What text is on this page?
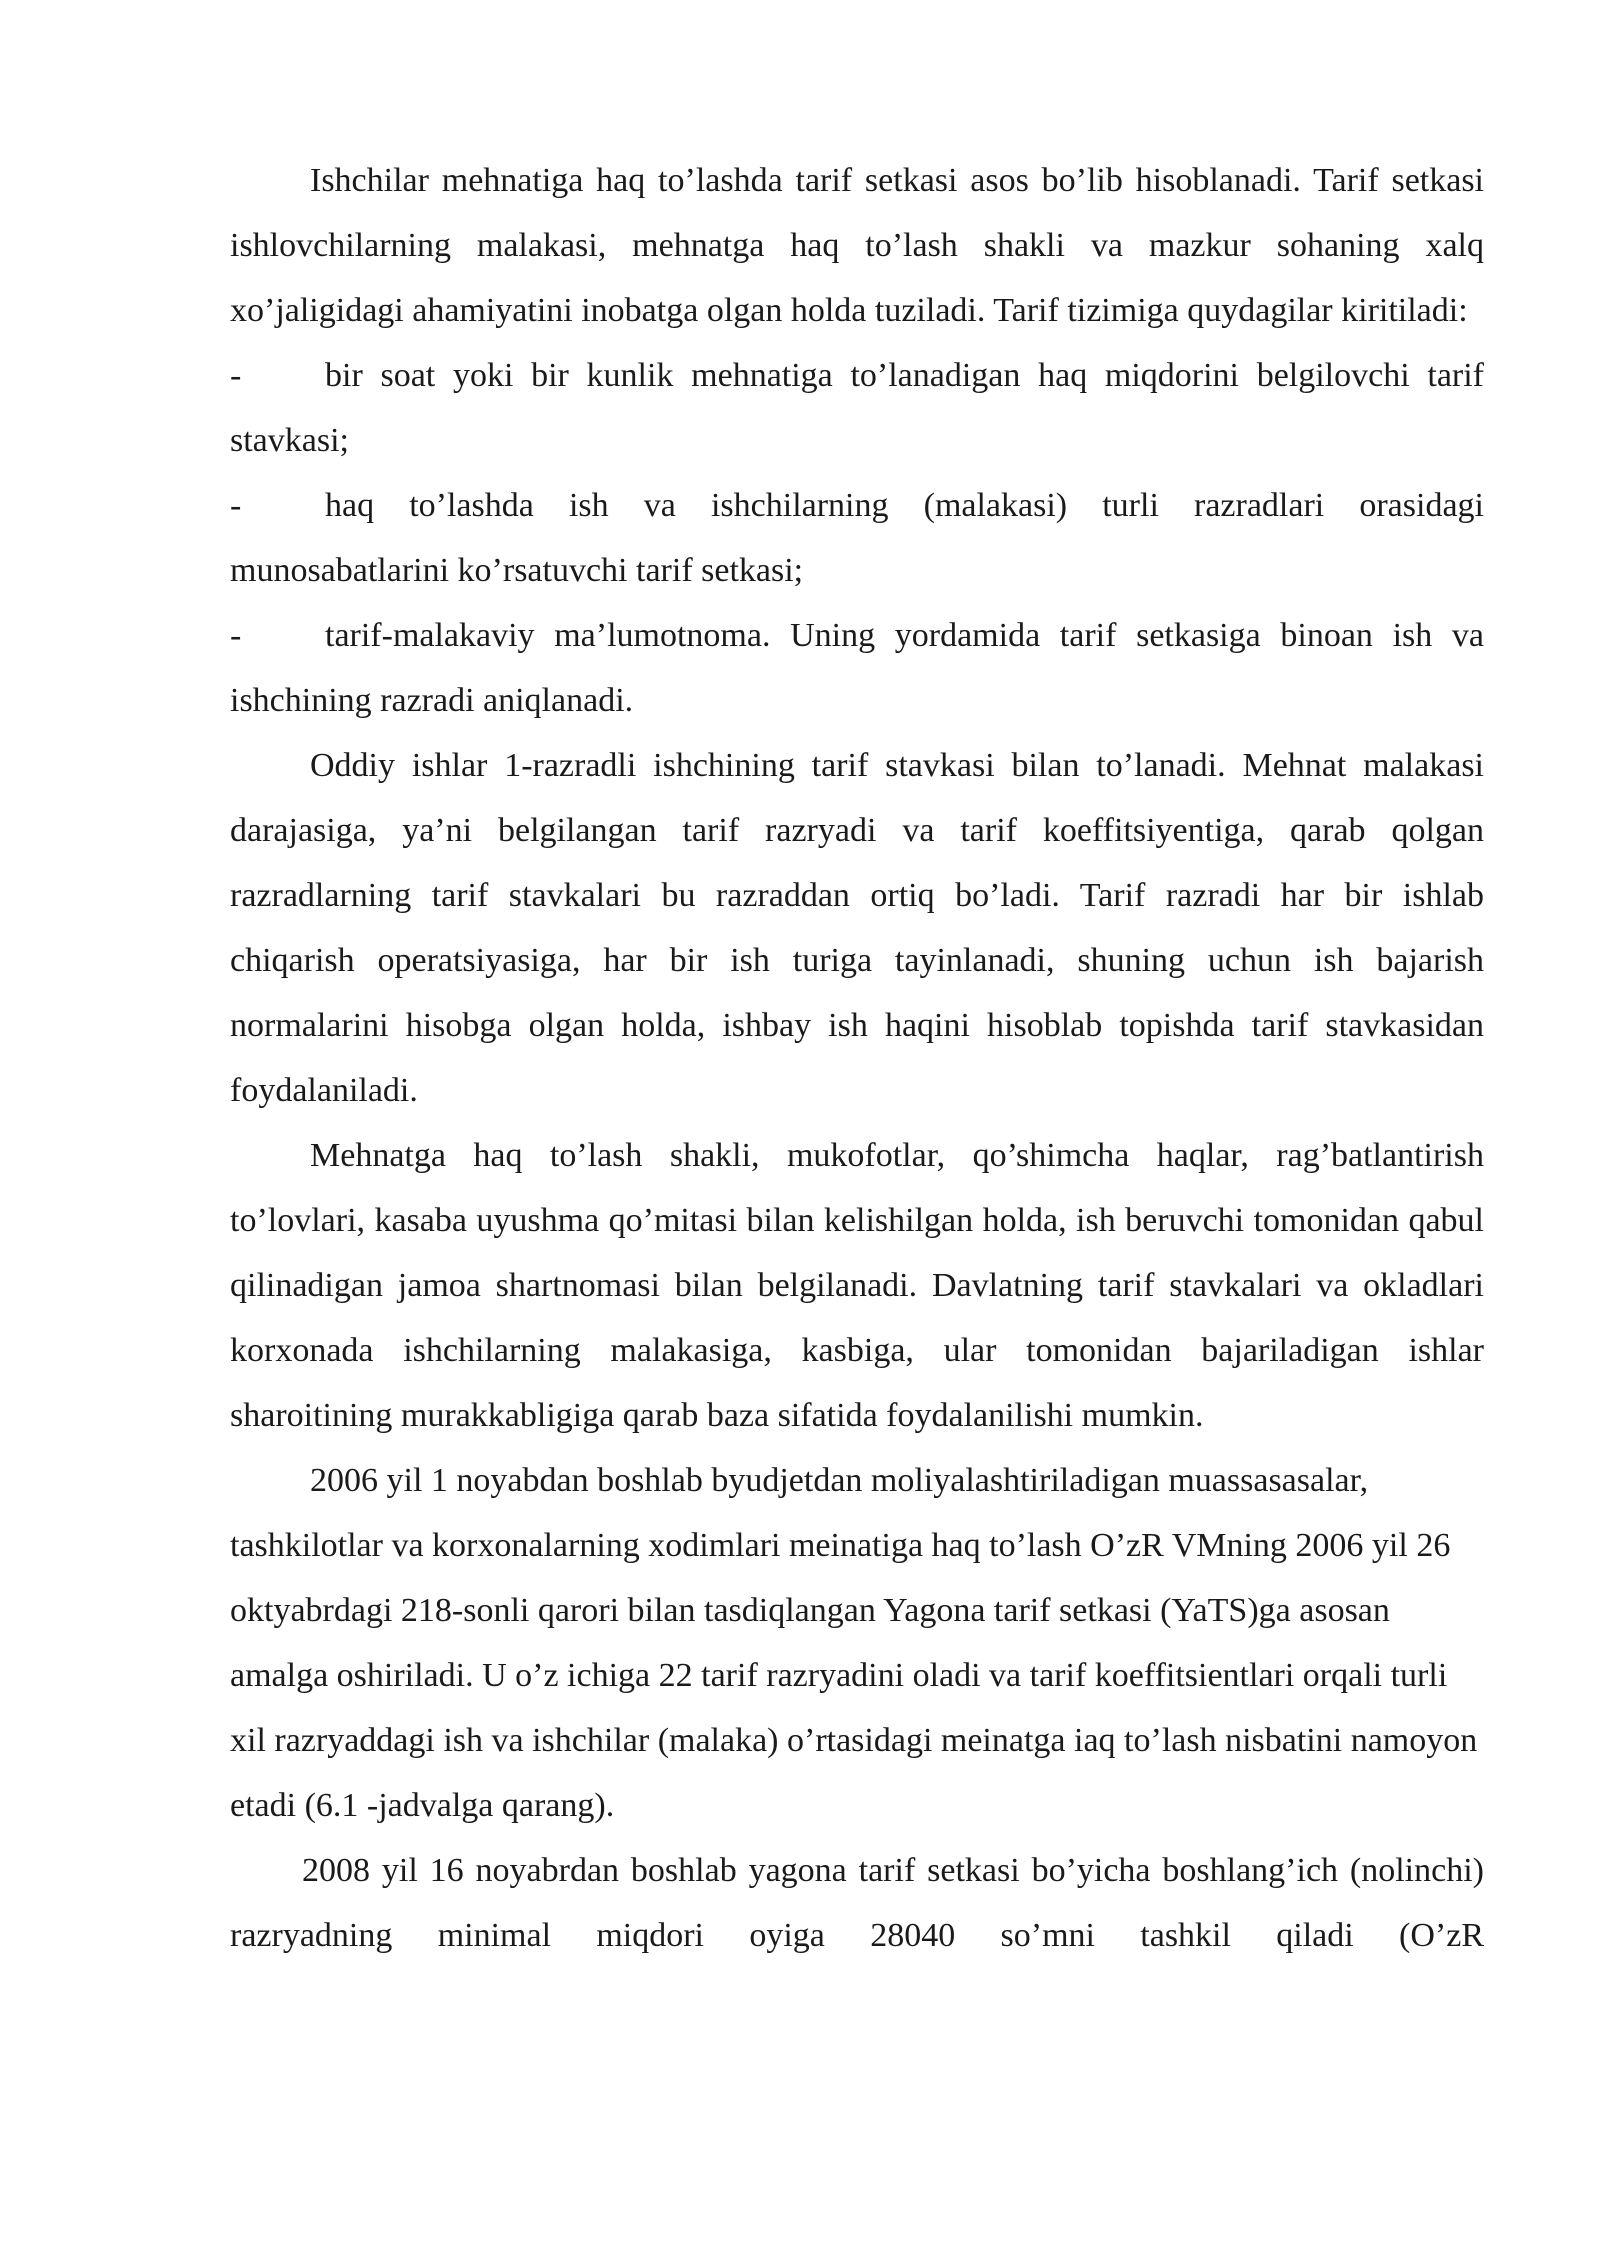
Ishchilar mehnatiga haq to’lashda tarif setkasi asos bo’lib hisoblanadi. Tarif setkasi ishlovchilarning malakasi, mehnatga haq to’lash shakli va mazkur sohaning xalq xo’jaligidagi ahamiyatini inobatga olgan holda tuziladi. Tarif tizimiga quydagilar kiritiladi:

- bir soat yoki bir kunlik mehnatiga to’lanadigan haq miqdorini belgilovchi tarif stavkasi;

- haq to’lashda ish va ishchilarning (malakasi) turli razradlari orasidagi munosabatlarini ko’rsatuvchi tarif setkasi;

- tarif-malakaviy ma’lumotnoma. Uning yordamida tarif setkasiga binoan ish va ishchining razradi aniqlanadi.

Oddiy ishlar 1-razradli ishchining tarif stavkasi bilan to’lanadi. Mehnat malakasi darajasiga, ya’ni belgilangan tarif razryadi va tarif koeffitsiyentiga, qarab qolgan razradlarning tarif stavkalari bu razraddan ortiq bo’ladi. Tarif razradi har bir ishlab chiqarish operatsiyasiga, har bir ish turiga tayinlanadi, shuning uchun ish bajarish normalarini hisobga olgan holda, ishbay ish haqini hisoblab topishda tarif stavkasidan foydalaniladi.

Mehnatga haq to’lash shakli, mukofotlar, qo’shimcha haqlar, rag’batlantirish to’lovlari, kasaba uyushma qo’mitasi bilan kelishilgan holda, ish beruvchi tomonidan qabul qilinadigan jamoa shartnomasi bilan belgilanadi. Davlatning tarif stavkalari va okladlari korxonada ishchilarning malakasiga, kasbiga, ular tomonidan bajariladigan ishlar sharoitining murakkabligiga qarab baza sifatida foydalanilishi mumkin.

2006 yil 1 noyabdan boshlab byudjetdan moliyalashtiriladigan muassasasalar, tashkilotlar va korxonalarning xodimlari meinatiga haq to’lash O’zR VMning 2006 yil 26 oktyabrdagi 218-sonli qarori bilan tasdiqlangan Yagona tarif setkasi (YaTS)ga asosan amalga oshiriladi. U o’z ichiga 22 tarif razryadini oladi va tarif koeffitsientlari orqali turli xil razryaddagi ish va ishchilar (malaka) o’rtasidagi meinatga iaq to’lash nisbatini namoyon etadi (6.1 -jadvalga qarang).

2008 yil 16 noyabrdan boshlab yagona tarif setkasi bo’yicha boshlang’ich (nolinchi) razryadning minimal miqdori oyiga 28040 so’mni tashkil qiladi (O’zR
